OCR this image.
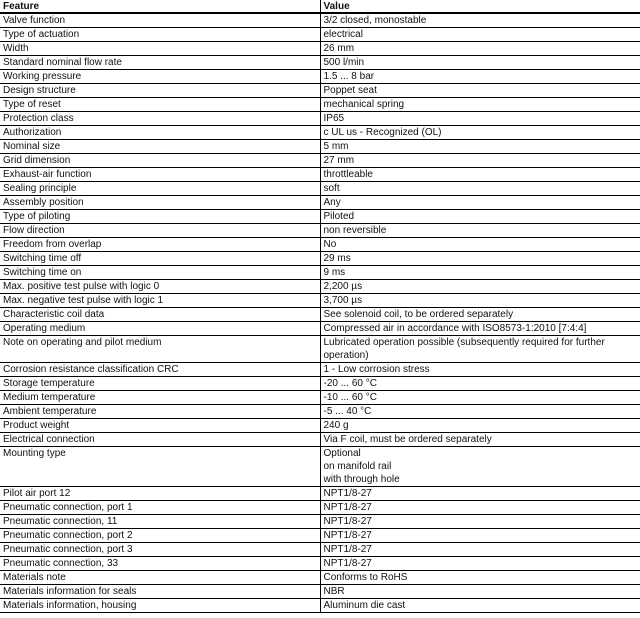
Feature	Value
Valve function	3/2 closed, monostable
Type of actuation	electrical
Width	26 mm
Standard nominal flow rate	500 l/min
Working pressure	1.5 ... 8 bar
Design structure	Poppet seat
Type of reset	mechanical spring
Protection class	IP65
Authorization	c UL us - Recognized (OL)
Nominal size	5 mm
Grid dimension	27 mm
Exhaust-air function	throttleable
Sealing principle	soft
Assembly position	Any
Type of piloting	Piloted
Flow direction	non reversible
Freedom from overlap	No
Switching time off	29 ms
Switching time on	9 ms
Max. positive test pulse with logic 0	2,200 µs
Max. negative test pulse with logic 1	3,700 µs
Characteristic coil data	See solenoid coil, to be ordered separately
Operating medium	Compressed air in accordance with ISO8573-1:2010 [7:4:4]
Note on operating and pilot medium	Lubricated operation possible (subsequently required for further operation)
Corrosion resistance classification CRC	1 - Low corrosion stress
Storage temperature	-20 ... 60 °C
Medium temperature	-10 ... 60 °C
Ambient temperature	-5 ... 40 °C
Product weight	240 g
Electrical connection	Via F coil, must be ordered separately
Mounting type	Optional
on manifold rail
with through hole

Pilot air port 12	NPT1/8-27
Pneumatic connection, port 1	NPT1/8-27
Pneumatic connection, 11	NPT1/8-27
Pneumatic connection, port 2	NPT1/8-27
Pneumatic connection, port 3	NPT1/8-27
Pneumatic connection, 33	NPT1/8-27
Materials note	Conforms to RoHS
Materials information for seals	NBR
Materials information, housing	Aluminum die cast
